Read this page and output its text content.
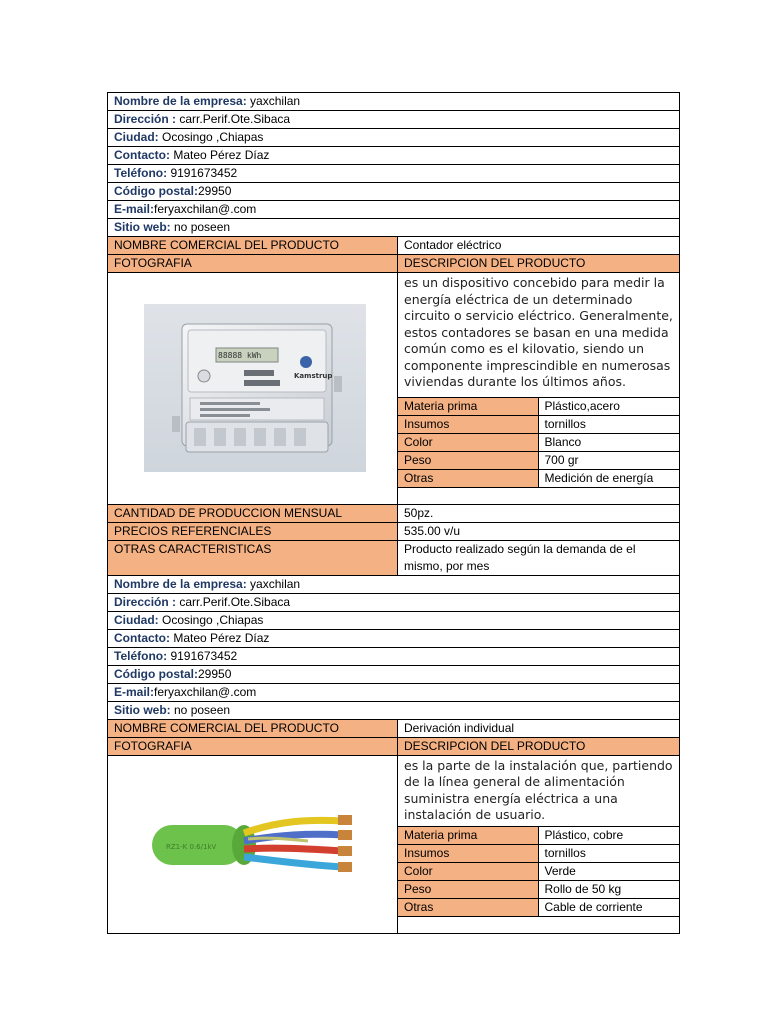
Nombre de la empresa: yaxchilan
Dirección : carr.Perif.Ote.Sibaca
Ciudad: Ocosingo ,Chiapas
Contacto: Mateo Pérez Díaz
Teléfono: 9191673452
Código postal:29950
E-mail:feryaxchilan@.com
Sitio web: no poseen
NOMBRE COMERCIAL DEL PRODUCTO	Contador eléctrico
FOTOGRAFIA	DESCRIPCION DEL PRODUCTO

88888 kWh
Kamstrup

es un dispositivo concebido para medir la energía eléctrica de un determinado circuito o servicio eléctrico. Generalmente, estos contadores se basan en una medida común como es el kilovatio, siendo un componente imprescindible en numerosas viviendas durante los últimos años.
Materia prima	Plástico,acero
Insumos	tornillos
Color	Blanco
Peso	700 gr
Otras	Medición de energía

CANTIDAD DE PRODUCCION MENSUAL	50pz.
PRECIOS REFERENCIALES	535.00 v/u
OTRAS CARACTERISTICAS	Producto realizado según la demanda de el mismo, por mes
Nombre de la empresa: yaxchilan
Dirección : carr.Perif.Ote.Sibaca
Ciudad: Ocosingo ,Chiapas
Contacto: Mateo Pérez Díaz
Teléfono: 9191673452
Código postal:29950
E-mail:feryaxchilan@.com
Sitio web: no poseen
NOMBRE COMERCIAL DEL PRODUCTO	Derivación individual
FOTOGRAFIA	DESCRIPCION DEL PRODUCTO

RZ1-K 0.6/1kV

es la parte de la instalación que, partiendo de la línea general de alimentación suministra energía eléctrica a una instalación de usuario.
Materia prima	Plástico, cobre
Insumos	tornillos
Color	Verde
Peso	Rollo de 50 kg
Otras	Cable de corriente
